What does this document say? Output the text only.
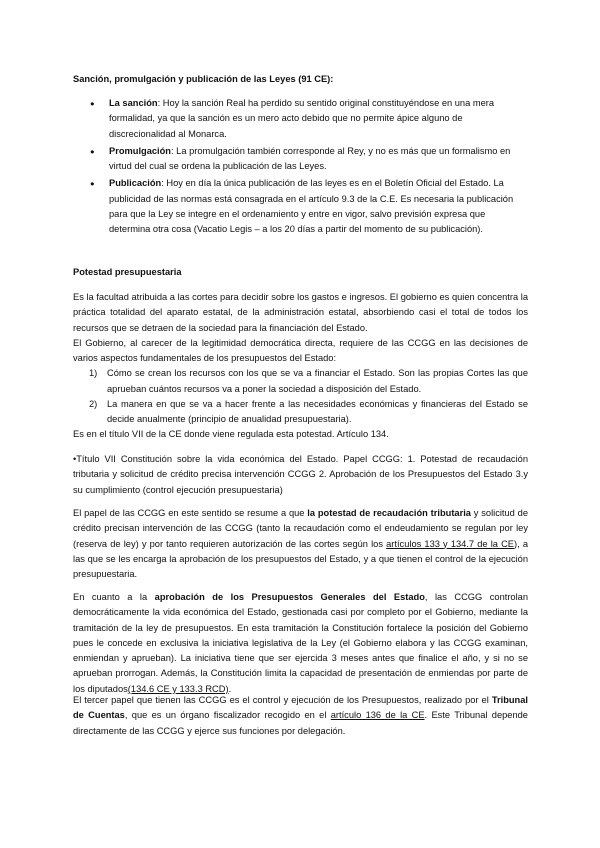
Sanción, promulgación y publicación de las Leyes (91 CE):
● La sanción: Hoy la sanción Real ha perdido su sentido original constituyéndose en una mera formalidad, ya que la sanción es un mero acto debido que no permite ápice alguno de discrecionalidad al Monarca.
● Promulgación: La promulgación también corresponde al Rey, y no es más que un formalismo en virtud del cual se ordena la publicación de las Leyes.
● Publicación: Hoy en día la única publicación de las leyes es en el Boletín Oficial del Estado. La publicidad de las normas está consagrada en el artículo 9.3 de la C.E. Es necesaria la publicación para que la Ley se integre en el ordenamiento y entre en vigor, salvo previsión expresa que determina otra cosa (Vacatio Legis – a los 20 días a partir del momento de su publicación).
Potestad presupuestaria
Es la facultad atribuida a las cortes para decidir sobre los gastos e ingresos. El gobierno es quien concentra la práctica totalidad del aparato estatal, de la administración estatal, absorbiendo casi el total de todos los recursos que se detraen de la sociedad para la financiación del Estado.
El Gobierno, al carecer de la legitimidad democrática directa, requiere de las CCGG en las decisiones de varios aspectos fundamentales de los presupuestos del Estado:
1) Cómo se crean los recursos con los que se va a financiar el Estado. Son las propias Cortes las que aprueban cuántos recursos va a poner la sociedad a disposición del Estado.
2) La manera en que se va a hacer frente a las necesidades económicas y financieras del Estado se decide anualmente (principio de anualidad presupuestaria).
Es en el título VII de la CE donde viene regulada esta potestad. Artículo 134.
•Título VII Constitución sobre la vida económica del Estado. Papel CCGG: 1. Potestad de recaudación tributaria y solicitud de crédito precisa intervención CCGG 2. Aprobación de los Presupuestos del Estado 3.y su cumplimiento (control ejecución presupuestaria)
El papel de las CCGG en este sentido se resume a que la potestad de recaudación tributaria y solicitud de crédito precisan intervención de las CCGG (tanto la recaudación como el endeudamiento se regulan por ley (reserva de ley) y por tanto requieren autorización de las cortes según los artículos 133 y 134.7 de la CE), a las que se les encarga la aprobación de los presupuestos del Estado, y a que tienen el control de la ejecución presupuestaria.
En cuanto a la aprobación de los Presupuestos Generales del Estado, las CCGG controlan democráticamente la vida económica del Estado, gestionada casi por completo por el Gobierno, mediante la tramitación de la ley de presupuestos. En esta tramitación la Constitución fortalece la posición del Gobierno pues le concede en exclusiva la iniciativa legislativa de la Ley (el Gobierno elabora y las CCGG examinan, enmiendan y aprueban). La iniciativa tiene que ser ejercida 3 meses antes que finalice el año, y si no se aprueban prorrogan. Además, la Constitución limita la capacidad de presentación de enmiendas por parte de los diputados(134.6 CE y 133.3 RCD).
El tercer papel que tienen las CCGG es el control y ejecución de los Presupuestos, realizado por el Tribunal de Cuentas, que es un órgano fiscalizador recogido en el artículo 136 de la CE. Este Tribunal depende directamente de las CCGG y ejerce sus funciones por delegación.
